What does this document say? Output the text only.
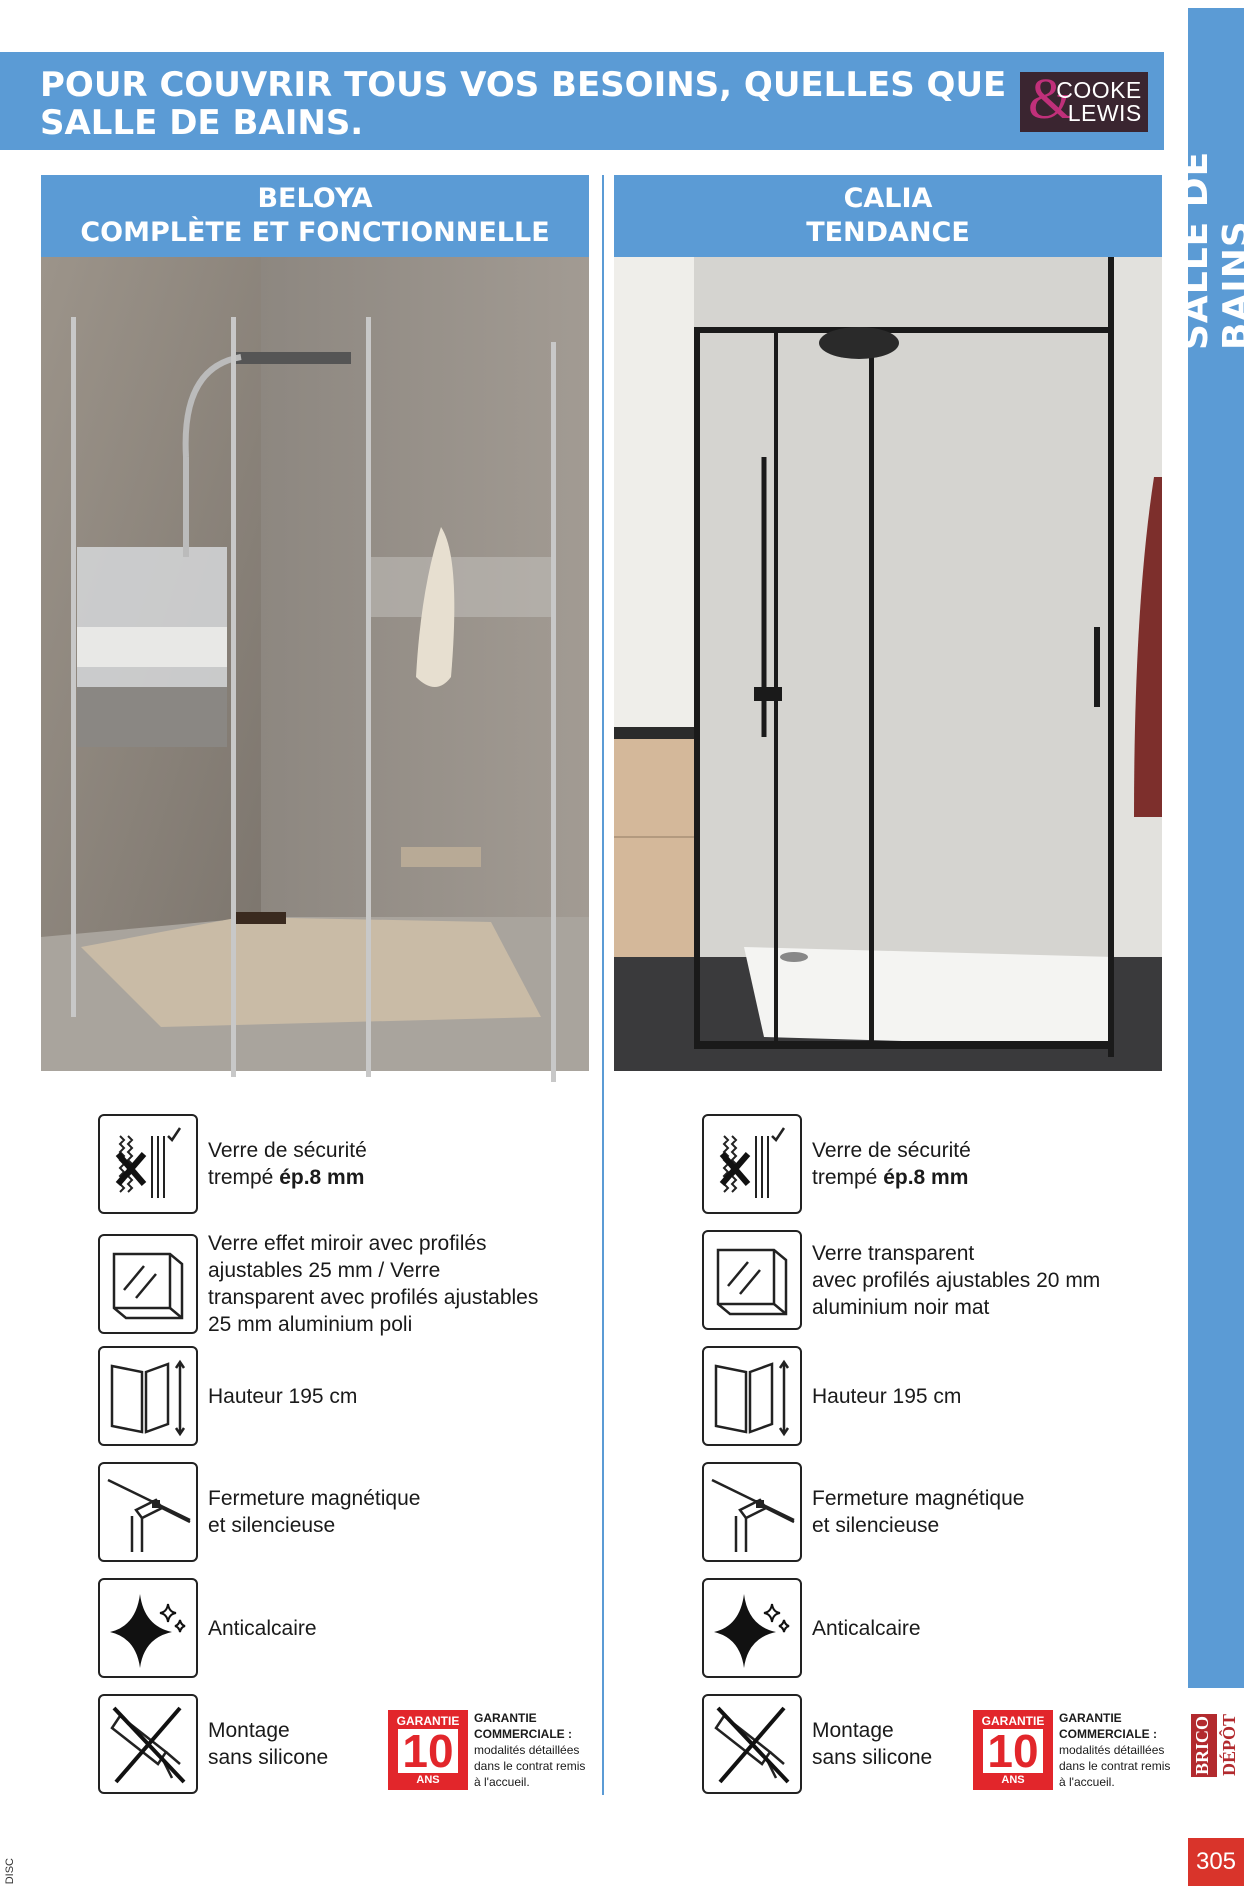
SALLE DE BAINS
BRICO DÉPÔT
305
DISC
POUR COUVRIR TOUS VOS BESOINS, QUELLES QUE SALLE DE BAINS.	&
COOKE
LEWIS
BELOYA
COMPLÈTE ET FONCTIONNELLE
CALIA
TENDANCE
Verre de sécurité
trempé ép.8 mm
Verre effet miroir avec profilés ajustables 25 mm / Verre transparent avec profilés ajustables 25 mm aluminium poli
Hauteur 195 cm
Fermeture magnétique
et silencieuse
Anticalcaire
Montage
sans silicone
GARANTIE
10
ANS
GARANTIE COMMERCIALE :
modalités détaillées dans le contrat remis à l'accueil.
Verre de sécurité
trempé ép.8 mm
Verre transparent
avec profilés ajustables 20 mm
aluminium noir mat
Hauteur 195 cm
Fermeture magnétique
et silencieuse
Anticalcaire
Montage
sans silicone
GARANTIE
10
ANS
GARANTIE COMMERCIALE :
modalités détaillées dans le contrat remis à l'accueil.
